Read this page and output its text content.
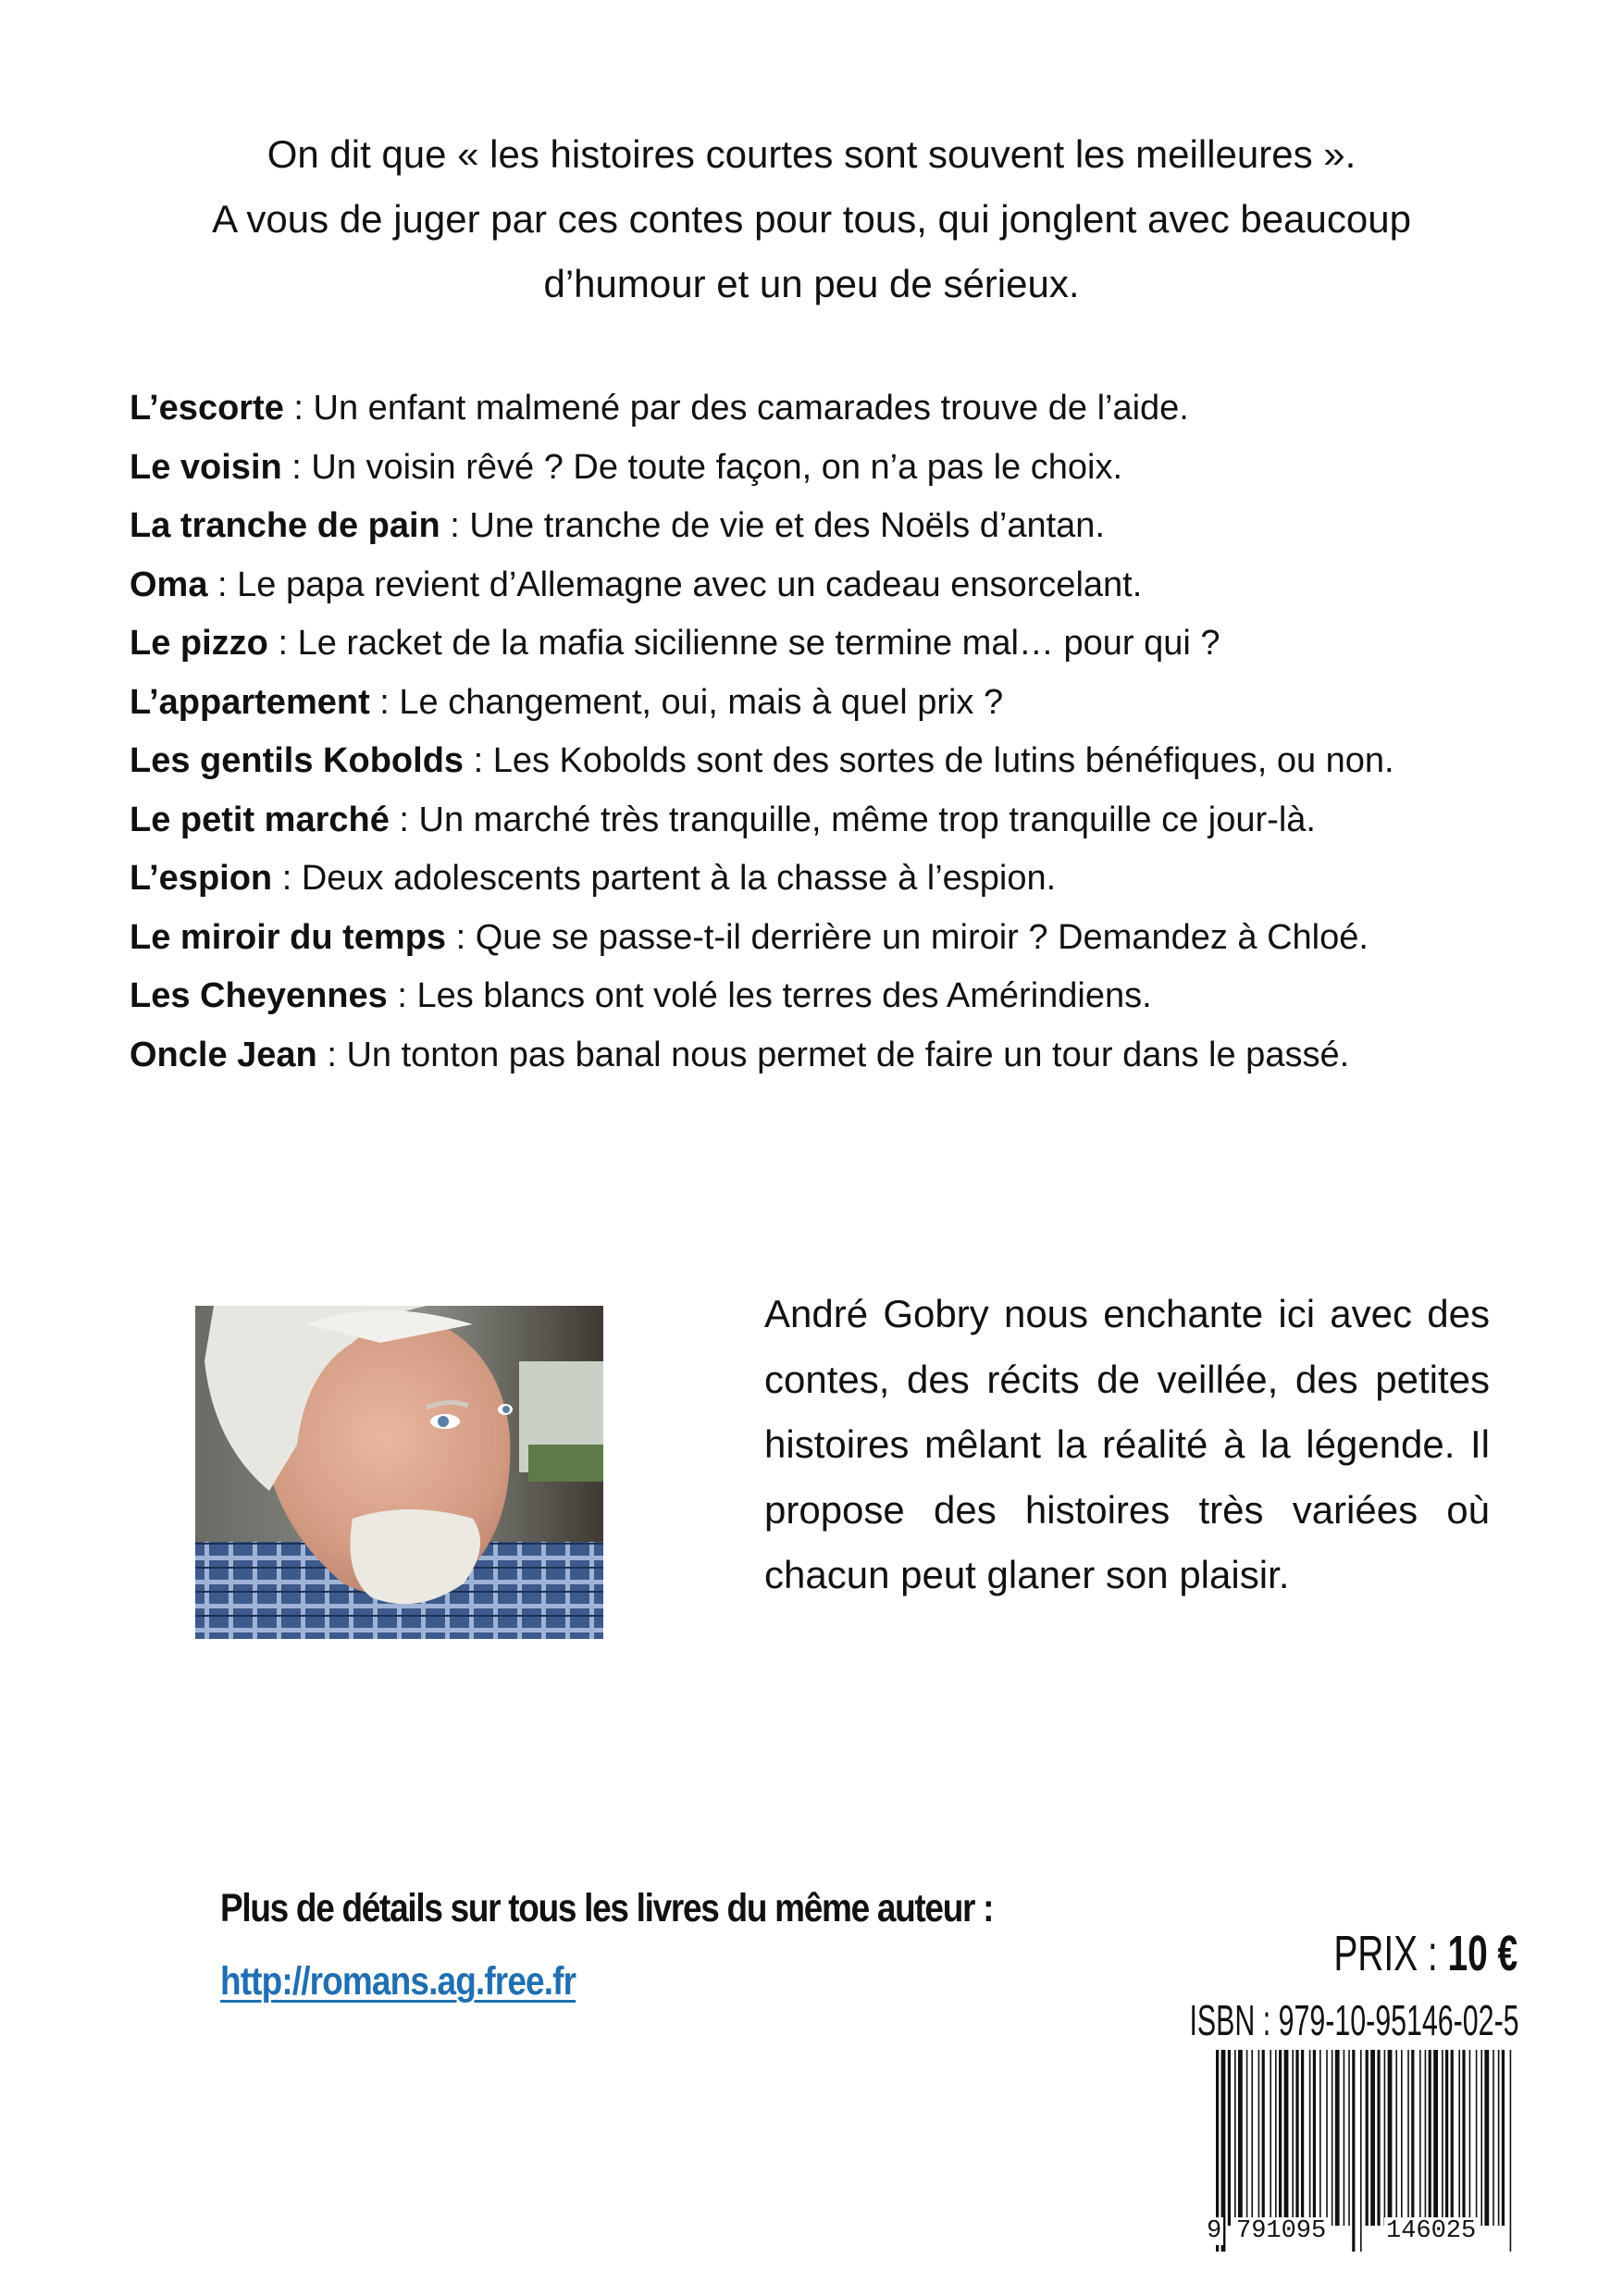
On dit que « les histoires courtes sont souvent les meilleures ».
A vous de juger par ces contes pour tous, qui jonglent avec beaucoup
d’humour et un peu de sérieux.
L’escorte : Un enfant malmené par des camarades trouve de l’aide.
Le voisin : Un voisin rêvé ? De toute façon, on n’a pas le choix.
La tranche de pain : Une tranche de vie et des Noëls d’antan.
Oma : Le papa revient d’Allemagne avec un cadeau ensorcelant.
Le pizzo : Le racket de la mafia sicilienne se termine mal… pour qui ?
L’appartement : Le changement, oui, mais à quel prix ?
Les gentils Kobolds : Les Kobolds sont des sortes de lutins bénéfiques, ou non.
Le petit marché : Un marché très tranquille, même trop tranquille ce jour-là.
L’espion : Deux adolescents partent à la chasse à l’espion.
Le miroir du temps : Que se passe-t-il derrière un miroir ? Demandez à Chloé.
Les Cheyennes : Les blancs ont volé les terres des Amérindiens.
Oncle Jean : Un tonton pas banal nous permet de faire un tour dans le passé.
André Gobry nous enchante ici avec des contes, des récits de veillée, des petites histoires mêlant la réalité à la légende. Il propose des histoires très variées où chacun peut glaner son plaisir.
Plus de détails sur tous les livres du même auteur :
http://romans.ag.free.fr	PRIX : 10 €
ISBN : 979-10-95146-02-5
9 791095 146025
